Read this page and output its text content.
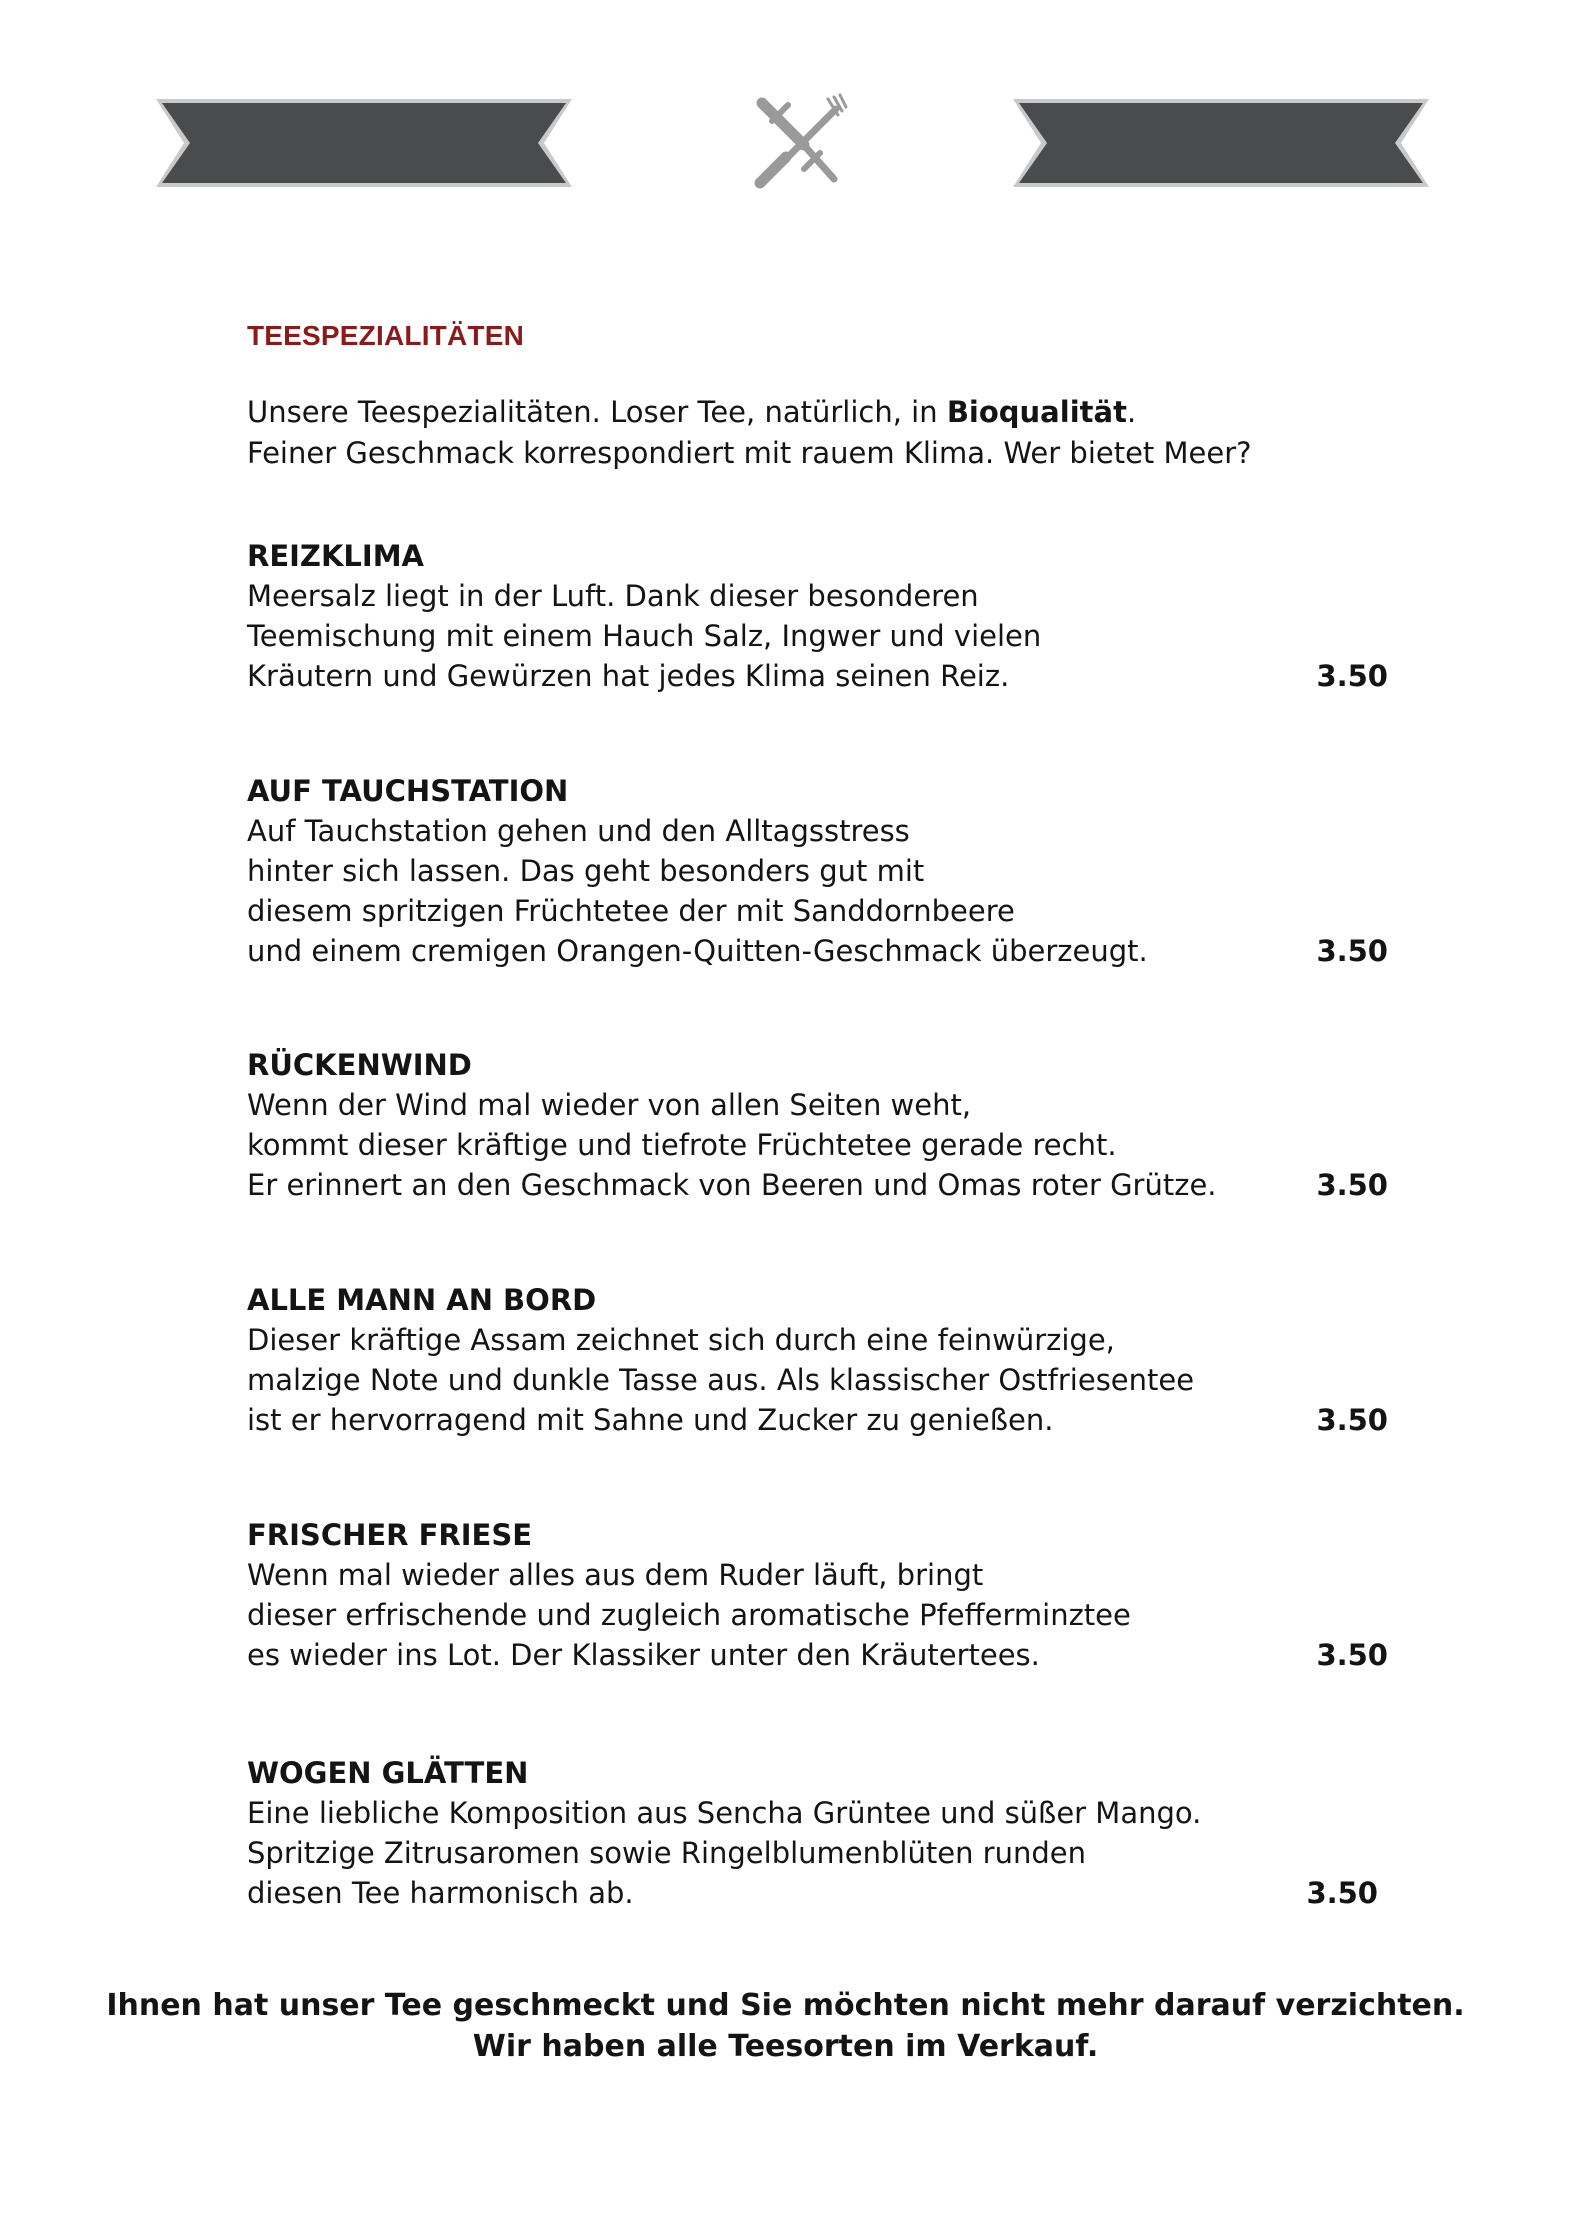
TEESPEZIALITÄTEN

Unsere Teespezialitäten. Loser Tee, natürlich, in Bioqualität.

Feiner Geschmack korrespondiert mit rauem Klima. Wer bietet Meer?

REIZKLIMA

Meersalz liegt in der Luft. Dank dieser besonderen

Teemischung mit einem Hauch Salz, Ingwer und vielen

Kräutern und Gewürzen hat jedes Klima seinen Reiz.	3.50

AUF TAUCHSTATION

Auf Tauchstation gehen und den Alltagsstress

hinter sich lassen. Das geht besonders gut mit

diesem spritzigen Früchtetee der mit Sanddornbeere

und einem cremigen Orangen-Quitten-Geschmack überzeugt.	3.50

RÜCKENWIND

Wenn der Wind mal wieder von allen Seiten weht,

kommt dieser kräftige und tiefrote Früchtetee gerade recht.

Er erinnert an den Geschmack von Beeren und Omas roter Grütze.	3.50

ALLE MANN AN BORD

Dieser kräftige Assam zeichnet sich durch eine feinwürzige,

malzige Note und dunkle Tasse aus. Als klassischer Ostfriesentee

ist er hervorragend mit Sahne und Zucker zu genießen.	3.50

FRISCHER FRIESE

Wenn mal wieder alles aus dem Ruder läuft, bringt

dieser erfrischende und zugleich aromatische Pfefferminztee

es wieder ins Lot. Der Klassiker unter den Kräutertees.	3.50

WOGEN GLÄTTEN

Eine liebliche Komposition aus Sencha Grüntee und süßer Mango.

Spritzige Zitrusaromen sowie Ringelblumenblüten runden

diesen Tee harmonisch ab.	3.50

Ihnen hat unser Tee geschmeckt und Sie möchten nicht mehr darauf verzichten.

Wir haben alle Teesorten im Verkauf.
